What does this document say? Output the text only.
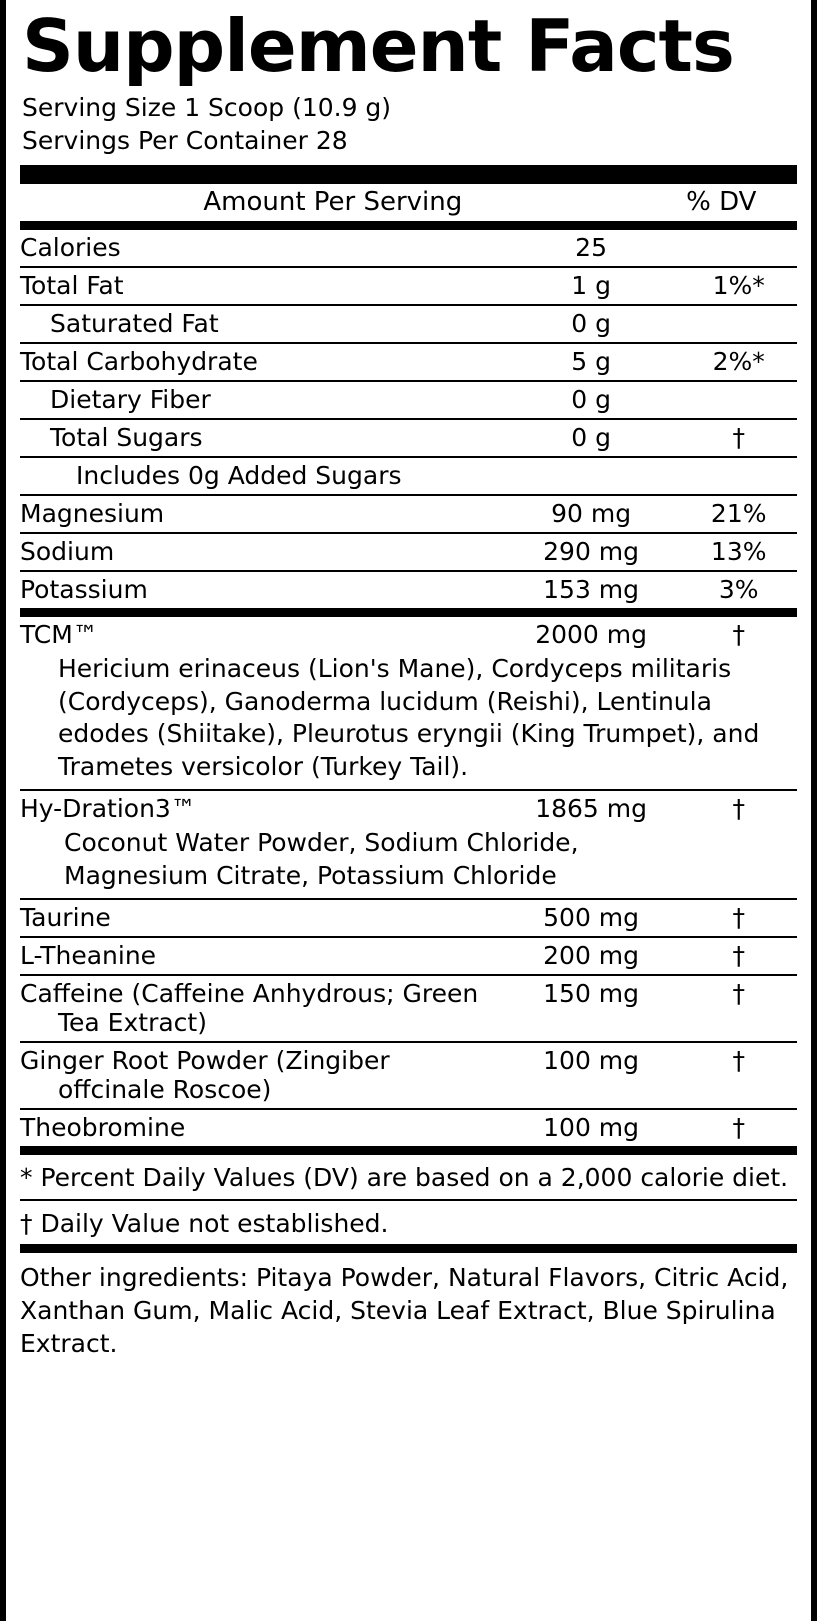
Supplement Facts
Serving Size 1 Scoop (10.9 g)
Servings Per Container 28
Amount Per Serving	% DV
Calories	25	
Total Fat	1 g	1%*
Saturated Fat	0 g	
Total Carbohydrate	5 g	2%*
Dietary Fiber	0 g	
Total Sugars	0 g	†
Includes 0g Added Sugars		
Magnesium	90 mg	21%
Sodium	290 mg	13%
Potassium	153 mg	3%
TCM™	2000 mg	†
Hericium erinaceus (Lion's Mane), Cordyceps militaris (Cordyceps), Ganoderma lucidum (Reishi), Lentinula edodes (Shiitake), Pleurotus eryngii (King Trumpet), and Trametes versicolor (Turkey Tail).		
Hy-Dration3™	1865 mg	†
Coconut Water Powder, Sodium Chloride, Magnesium Citrate, Potassium Chloride		

Taurine	500 mg	†

L-Theanine	200 mg	†

Caffeine (Caffeine Anhydrous; Green Tea Extract)	150 mg	†

Ginger Root Powder (Zingiber offcinale Roscoe)	100 mg	†

Theobromine	100 mg	†
* Percent Daily Values (DV) are based on a 2,000 calorie diet.
† Daily Value not established.
Other ingredients: Pitaya Powder, Natural Flavors, Citric Acid, Xanthan Gum, Malic Acid, Stevia Leaf Extract, Blue Spirulina Extract.
